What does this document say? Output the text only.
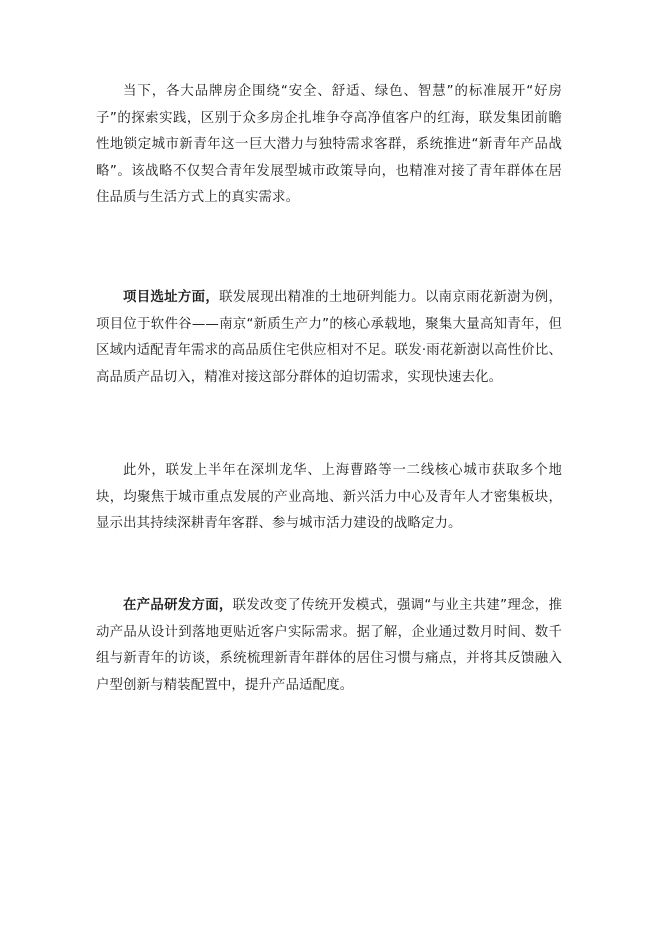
当下，各大品牌房企围绕“安全、舒适、绿色、智慧”的标准展开“好房子”的探索实践，区别于众多房企扎堆争夺高净值客户的红海，联发集团前瞻性地锁定城市新青年这一巨大潜力与独特需求客群，系统推进“新青年产品战略”。该战略不仅契合青年发展型城市政策导向，也精准对接了青年群体在居住品质与生活方式上的真实需求。

项目选址方面，联发展现出精准的土地研判能力。以南京雨花新澍为例，项目位于软件谷——南京“新质生产力”的核心承载地，聚集大量高知青年，但区域内适配青年需求的高品质住宅供应相对不足。联发·雨花新澍以高性价比、高品质产品切入，精准对接这部分群体的迫切需求，实现快速去化。

此外，联发上半年在深圳龙华、上海曹路等一二线核心城市获取多个地块，均聚焦于城市重点发展的产业高地、新兴活力中心及青年人才密集板块，显示出其持续深耕青年客群、参与城市活力建设的战略定力。

在产品研发方面，联发改变了传统开发模式，强调“与业主共建”理念，推动产品从设计到落地更贴近客户实际需求。据了解，企业通过数月时间、数千组与新青年的访谈，系统梳理新青年群体的居住习惯与痛点，并将其反馈融入户型创新与精装配置中，提升产品适配度。
